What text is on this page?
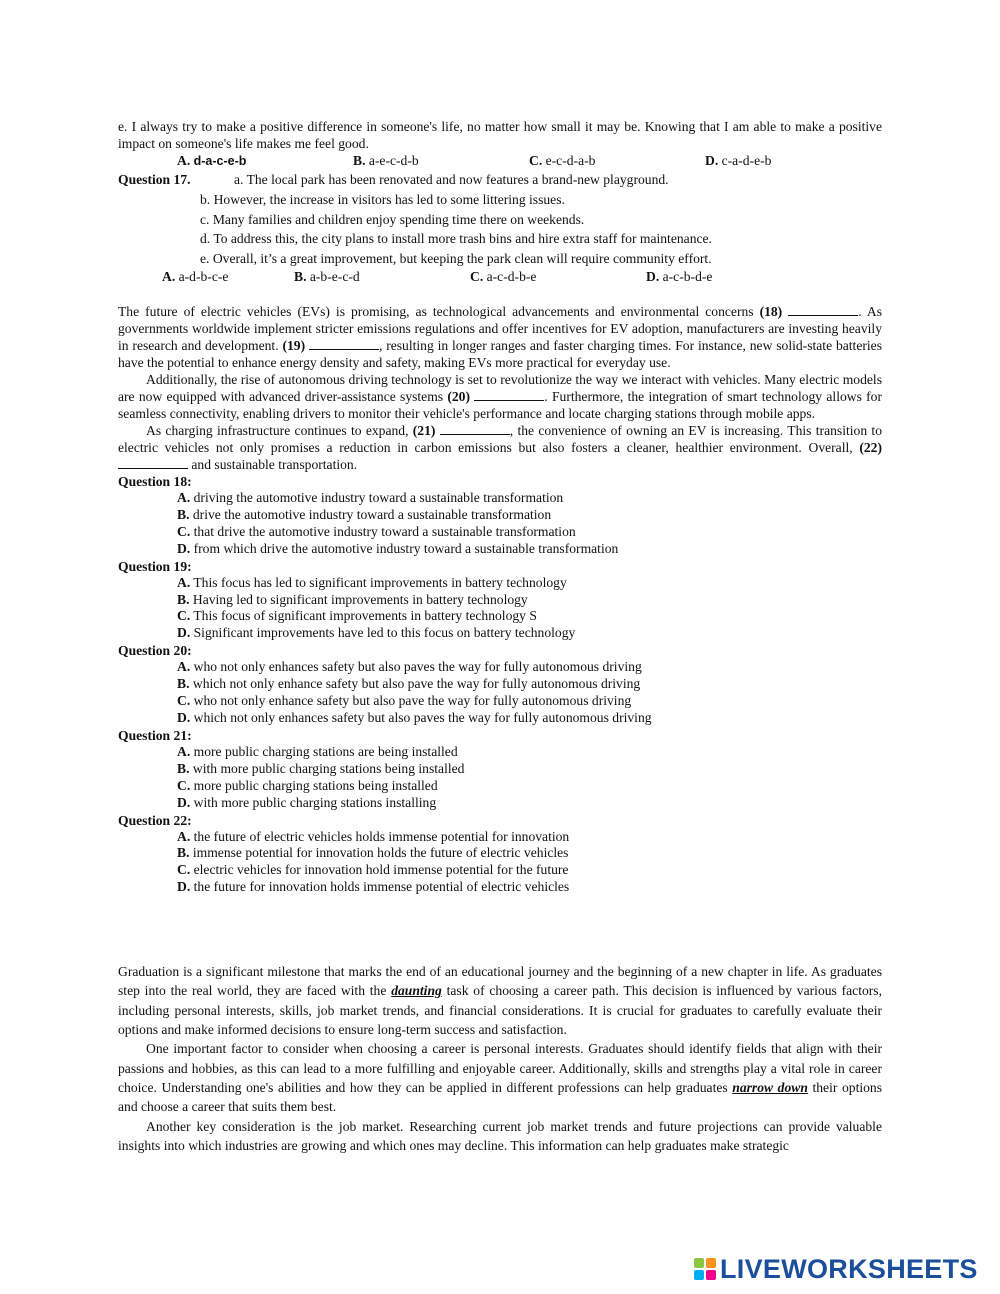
e. I always try to make a positive difference in someone's life, no matter how small it may be. Knowing that I am able to make a positive impact on someone's life makes me feel good.

A. d-a-c-e-b	B. a-e-c-d-b	C. e-c-d-a-b	D. c-a-d-e-b
Question 17.	a. The local park has been renovated and now features a brand-new playground.

b. However, the increase in visitors has led to some littering issues.

c. Many families and children enjoy spending time there on weekends.

d. To address this, the city plans to install more trash bins and hire extra staff for maintenance.

e. Overall, it’s a great improvement, but keeping the park clean will require community effort.

A. a-d-b-c-e	B. a-b-e-c-d	C. a-c-d-b-e	D. a-c-b-d-e

The future of electric vehicles (EVs) is promising, as technological advancements and environmental concerns (18)	. As governments worldwide implement stricter emissions regulations and offer incentives for EV adoption, manufacturers are investing heavily in research and development. (19)	, resulting in longer ranges and faster charging times. For instance, new solid-state batteries have the potential to enhance energy density and safety, making EVs more practical for everyday use.

Additionally, the rise of autonomous driving technology is set to revolutionize the way we interact with vehicles. Many electric models are now equipped with advanced driver-assistance systems (20)	. Furthermore, the integration of smart technology allows for seamless connectivity, enabling drivers to monitor their vehicle's performance and locate charging stations through mobile apps.

As charging infrastructure continues to expand, (21)	, the convenience of owning an EV is increasing. This transition to electric vehicles not only promises a reduction in carbon emissions but also fosters a cleaner, healthier environment. Overall, (22)  and sustainable transportation.

Question 18:

A. driving the automotive industry toward a sustainable transformation

B. drive the automotive industry toward a sustainable transformation

C. that drive the automotive industry toward a sustainable transformation

D. from which drive the automotive industry toward a sustainable transformation

Question 19:

A. This focus has led to significant improvements in battery technology

B. Having led to significant improvements in battery technology

C. This focus of significant improvements in battery technology S

D. Significant improvements have led to this focus on battery technology

Question 20:

A. who not only enhances safety but also paves the way for fully autonomous driving

B. which not only enhance safety but also pave the way for fully autonomous driving

C. who not only enhance safety but also pave the way for fully autonomous driving

D. which not only enhances safety but also paves the way for fully autonomous driving

Question 21:

A. more public charging stations are being installed

B. with more public charging stations being installed

C. more public charging stations being installed

D. with more public charging stations installing

Question 22:

A. the future of electric vehicles holds immense potential for innovation

B. immense potential for innovation holds the future of electric vehicles

C. electric vehicles for innovation hold immense potential for the future

D. the future for innovation holds immense potential of electric vehicles

Graduation is a significant milestone that marks the end of an educational journey and the beginning of a new chapter in life. As graduates step into the real world, they are faced with the daunting task of choosing a career path. This decision is influenced by various factors, including personal interests, skills, job market trends, and financial considerations. It is crucial for graduates to carefully evaluate their options and make informed decisions to ensure long-term success and satisfaction.

One important factor to consider when choosing a career is personal interests. Graduates should identify fields that align with their passions and hobbies, as this can lead to a more fulfilling and enjoyable career. Additionally, skills and strengths play a vital role in career choice. Understanding one's abilities and how they can be applied in different professions can help graduates narrow down their options and choose a career that suits them best.

Another key consideration is the job market. Researching current job market trends and future projections can provide valuable insights into which industries are growing and which ones may decline. This information can help graduates make strategic

LIVEWORKSHEETS
